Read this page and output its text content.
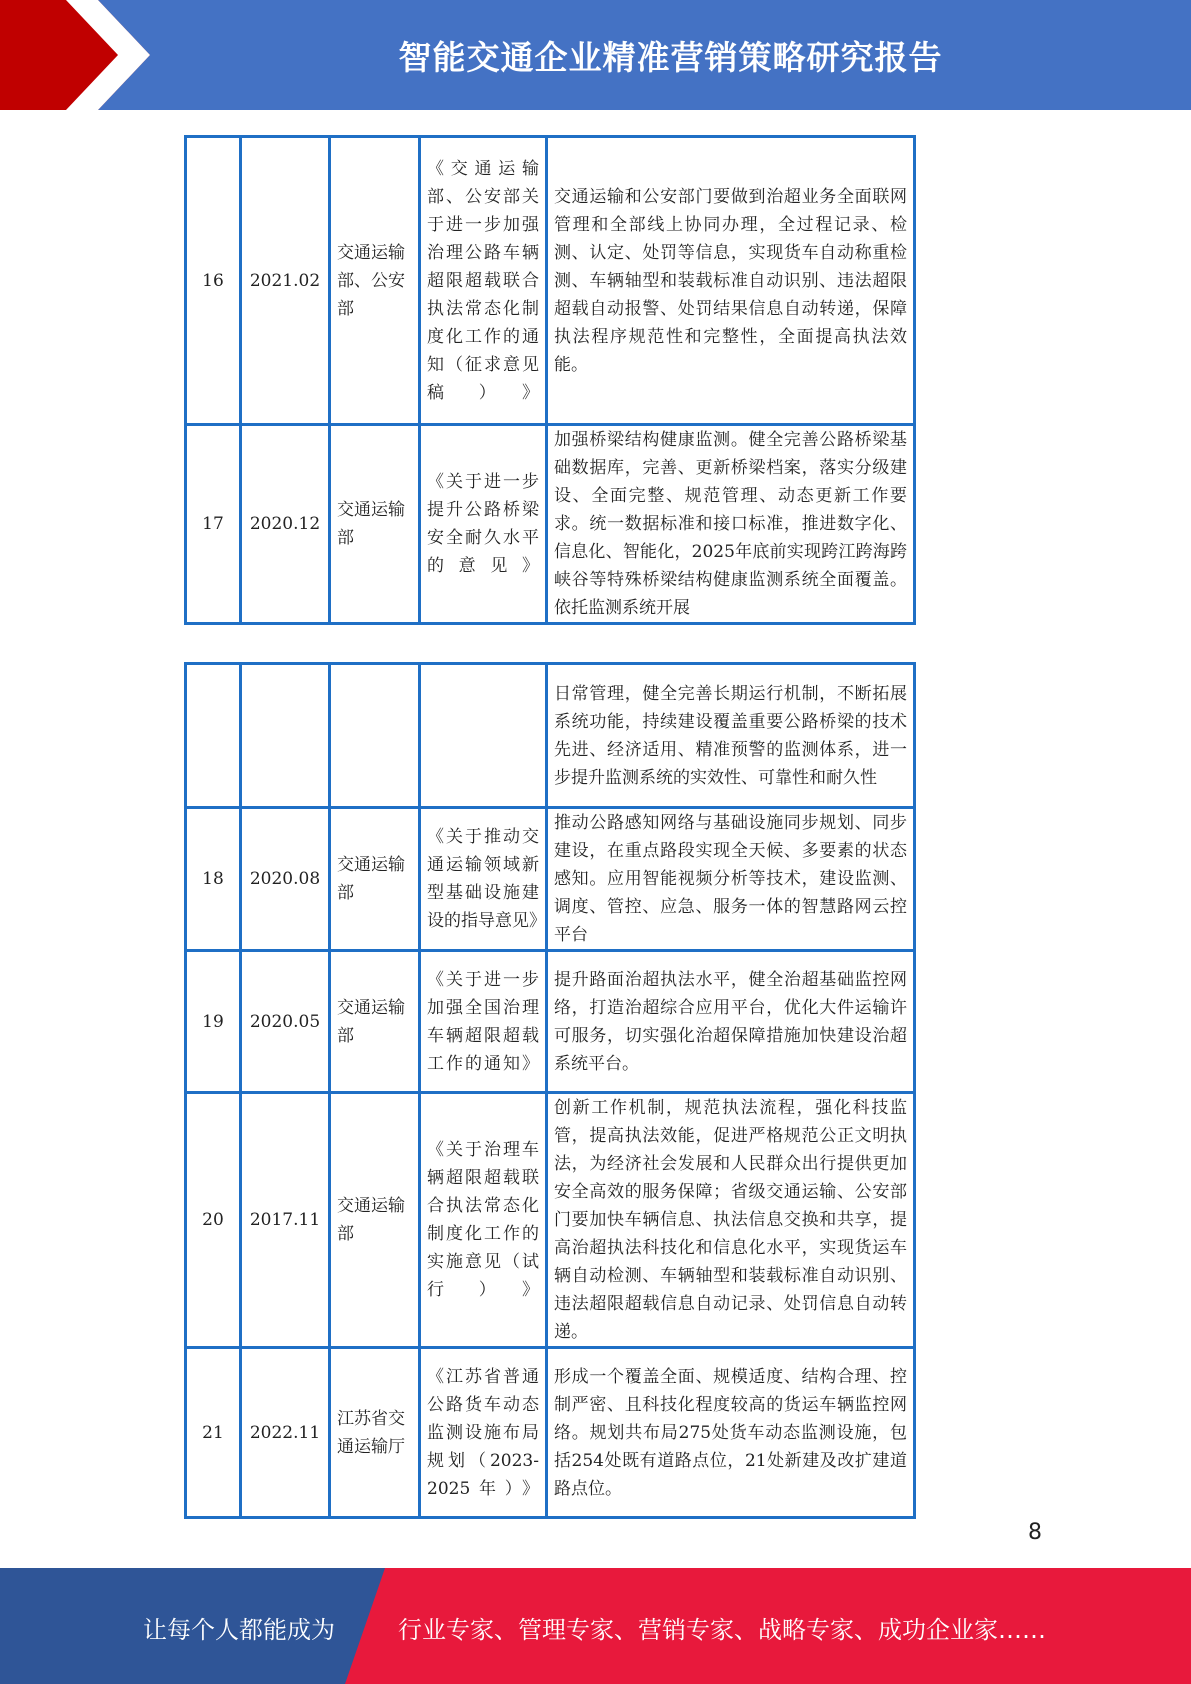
智能交通企业精准营销策略研究报告
16	2021.02	交通运输部、公安部	《交通运输部、公安部关于进一步加强治理公路车辆超限超载联合执法常态化制度化工作的通知（征求意见稿）》	交通运输和公安部门要做到治超业务全面联网管理和全部线上协同办理，全过程记录、检测、认定、处罚等信息，实现货车自动称重检测、车辆轴型和装载标准自动识别、违法超限超载自动报警、处罚结果信息自动转递，保障执法程序规范性和完整性，全面提高执法效能。
17	2020.12	交通运输部	《关于进一步提升公路桥梁安全耐久水平的意见》	加强桥梁结构健康监测。健全完善公路桥梁基础数据库，完善、更新桥梁档案，落实分级建设、全面完整、规范管理、动态更新工作要求。统一数据标准和接口标准，推进数字化、信息化、智能化，2025年底前实现跨江跨海跨峡谷等特殊桥梁结构健康监测系统全面覆盖。依托监测系统开展
				日常管理，健全完善长期运行机制，不断拓展系统功能，持续建设覆盖重要公路桥梁的技术先进、经济适用、精准预警的监测体系，进一步提升监测系统的实效性、可靠性和耐久性
18	2020.08	交通运输部	《关于推动交通运输领域新型基础设施建设的指导意见》	推动公路感知网络与基础设施同步规划、同步建设，在重点路段实现全天候、多要素的状态感知。应用智能视频分析等技术，建设监测、调度、管控、应急、服务一体的智慧路网云控平台
19	2020.05	交通运输部	《关于进一步加强全国治理车辆超限超载工作的通知》	提升路面治超执法水平，健全治超基础监控网络，打造治超综合应用平台，优化大件运输许可服务，切实强化治超保障措施加快建设治超系统平台。
20	2017.11	交通运输部	《关于治理车辆超限超载联合执法常态化制度化工作的实施意见（试行）》	创新工作机制，规范执法流程，强化科技监管，提高执法效能，促进严格规范公正文明执法，为经济社会发展和人民群众出行提供更加安全高效的服务保障；省级交通运输、公安部门要加快车辆信息、执法信息交换和共享，提高治超执法科技化和信息化水平，实现货运车辆自动检测、车辆轴型和装载标准自动识别、违法超限超载信息自动记录、处罚信息自动转递。
21	2022.11	江苏省交通运输厅	《江苏省普通公路货车动态监测设施布局规划（2023-2025年）》	形成一个覆盖全面、规模适度、结构合理、控制严密、且科技化程度较高的货运车辆监控网络。规划共布局275处货车动态监测设施，包括254处既有道路点位，21处新建及改扩建道路点位。
8
让每个人都能成为	行业专家、管理专家、营销专家、战略专家、成功企业家……
